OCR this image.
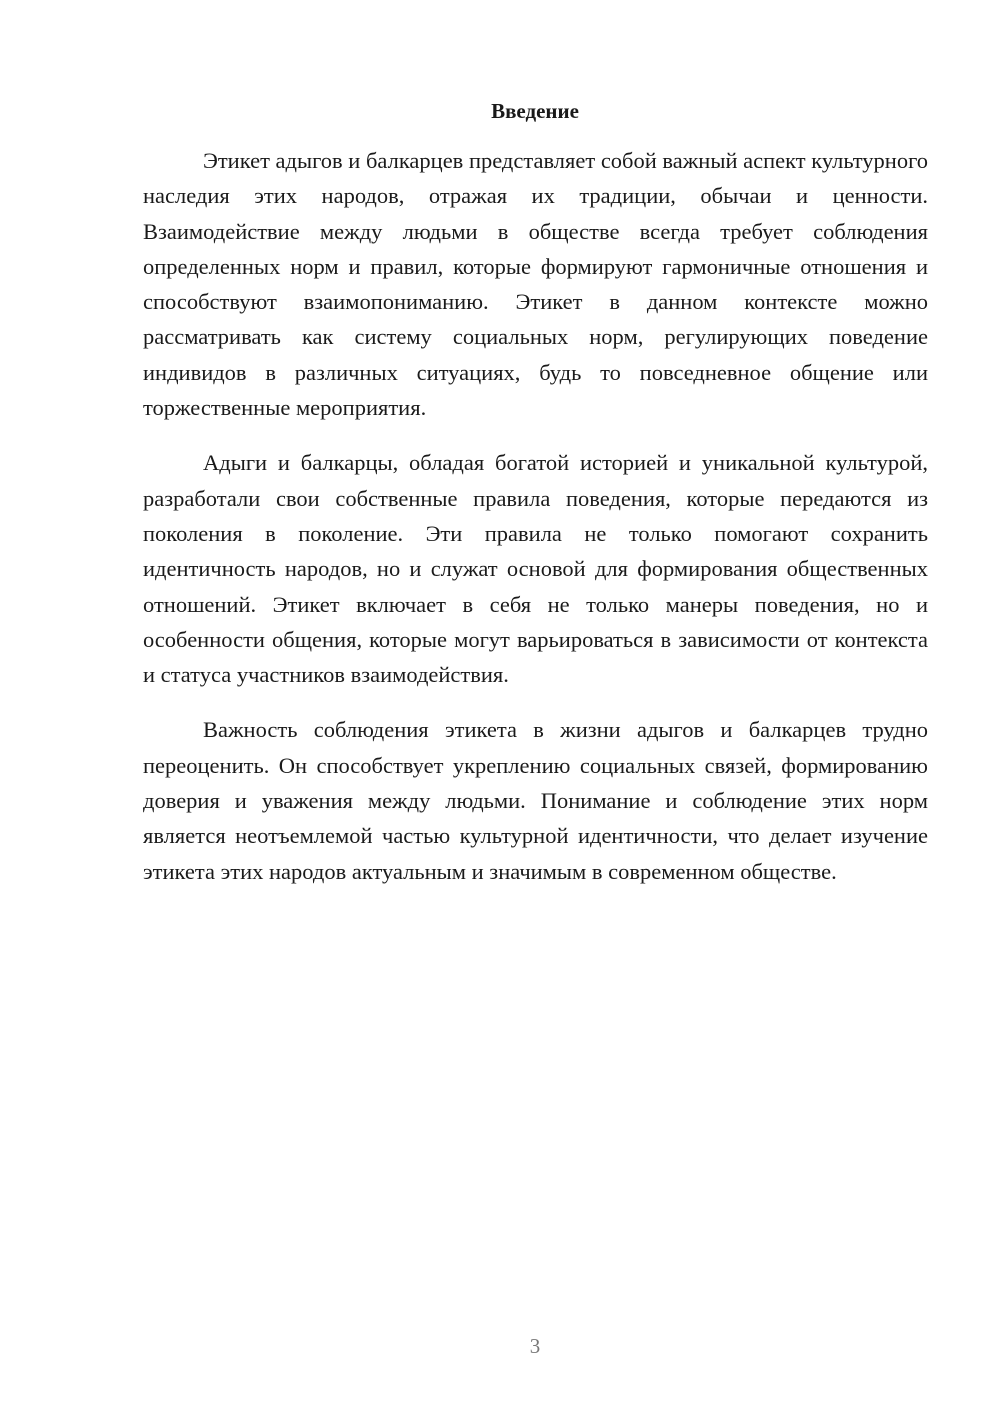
Введение

Этикет адыгов и балкарцев представляет собой важный аспект культурного наследия этих народов, отражая их традиции, обычаи и ценности. Взаимодействие между людьми в обществе всегда требует соблюдения определенных норм и правил, которые формируют гармоничные отношения и способствуют взаимопониманию. Этикет в данном контексте можно рассматривать как систему социальных норм, регулирующих поведение индивидов в различных ситуациях, будь то повседневное общение или торжественные мероприятия.

Адыги и балкарцы, обладая богатой историей и уникальной культурой, разработали свои собственные правила поведения, которые передаются из поколения в поколение. Эти правила не только помогают сохранить идентичность народов, но и служат основой для формирования общественных отношений. Этикет включает в себя не только манеры поведения, но и особенности общения, которые могут варьироваться в зависимости от контекста и статуса участников взаимодействия.

Важность соблюдения этикета в жизни адыгов и балкарцев трудно переоценить. Он способствует укреплению социальных связей, формированию доверия и уважения между людьми. Понимание и соблюдение этих норм является неотъемлемой частью культурной идентичности, что делает изучение этикета этих народов актуальным и значимым в современном обществе.

3
